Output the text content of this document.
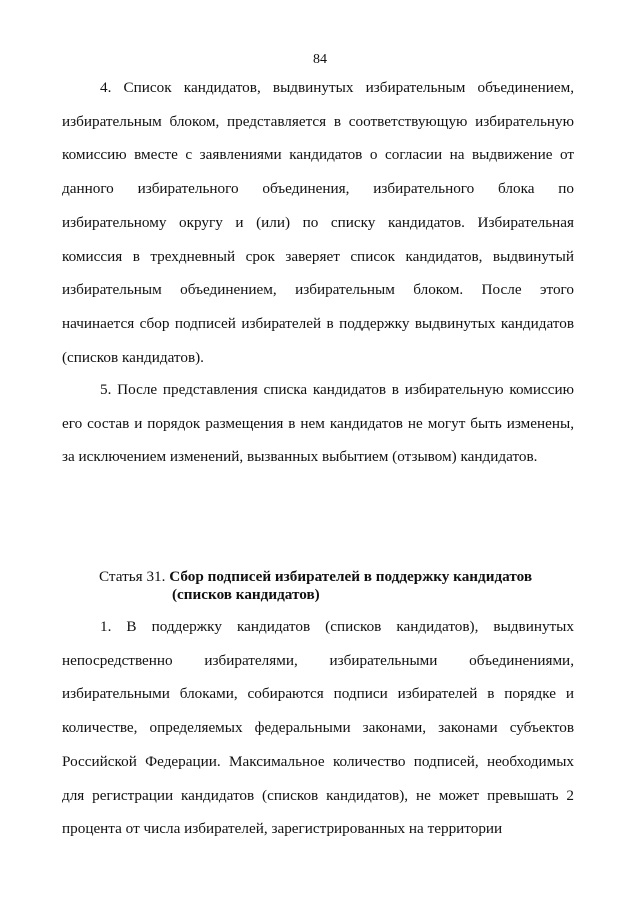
84

4. Список кандидатов, выдвинутых избирательным объединением, избирательным блоком, представляется в соответствующую избирательную комиссию вместе с заявлениями кандидатов о согласии на выдвижение от данного избирательного объединения, избирательного блока по избирательному округу и (или) по списку кандидатов. Избирательная комиссия в трехдневный срок заверяет список кандидатов, выдвинутый избирательным объединением, избирательным блоком. После этого начинается сбор подписей избирателей в поддержку выдвинутых кандидатов (списков кандидатов).

5. После представления списка кандидатов в избирательную комиссию его состав и порядок размещения в нем кандидатов не могут быть изменены, за исключением изменений, вызванных выбытием (отзывом) кандидатов.

Статья 31. Сбор подписей избирателей в поддержку кандидатов
(списков кандидатов)

1. В поддержку кандидатов (списков кандидатов), выдвинутых непосредственно избирателями, избирательными объединениями, избирательными блоками, собираются подписи избирателей в порядке и количестве, определяемых федеральными законами, законами субъектов Российской Федерации. Максимальное количество подписей, необходимых для регистрации кандидатов (списков кандидатов), не может превышать 2 процента от числа избирателей, зарегистрированных на территории
